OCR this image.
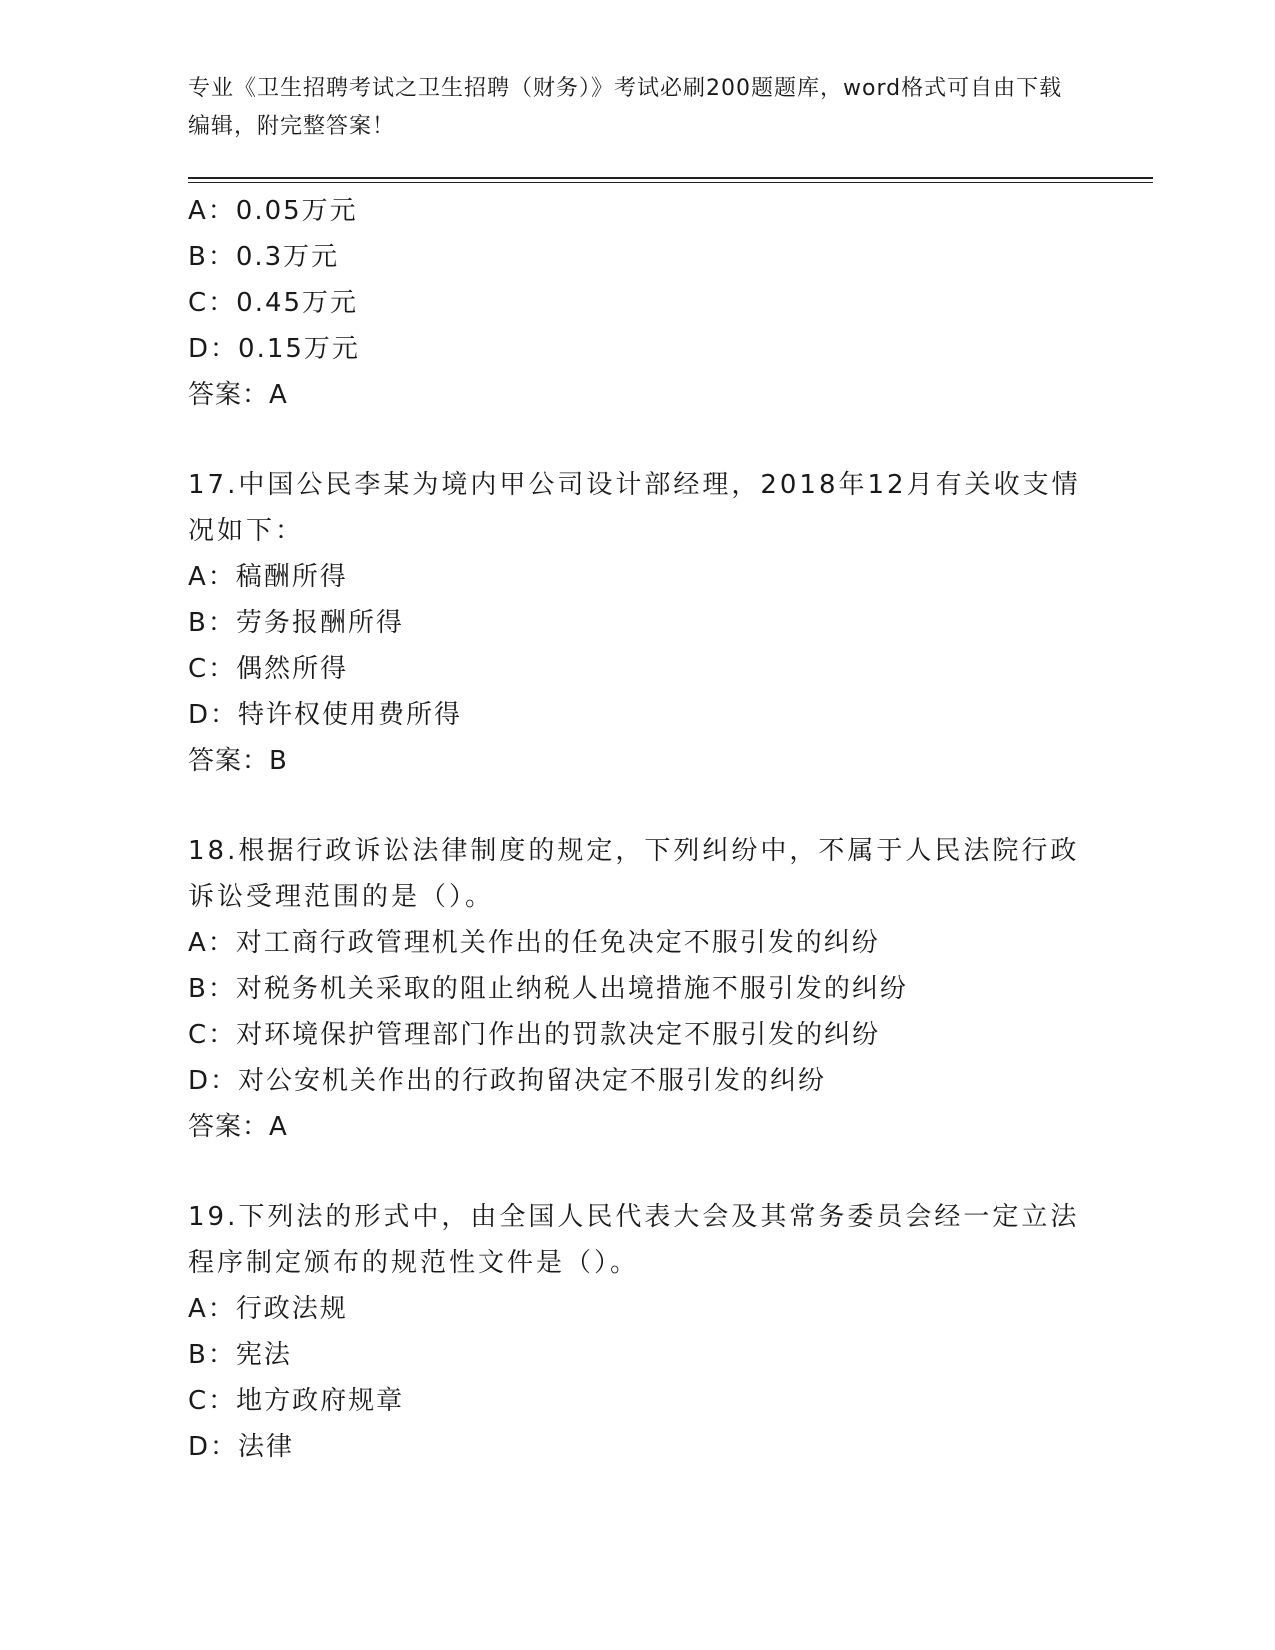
专业《卫生招聘考试之卫生招聘（财务）》考试必刷200题题库，word格式可自由下载编辑，附完整答案！
A：0.05万元
B：0.3万元
C：0.45万元
D：0.15万元
答案：A
17.中国公民李某为境内甲公司设计部经理，2018年12月有关收支情况如下：
A：稿酬所得
B：劳务报酬所得
C：偶然所得
D：特许权使用费所得
答案：B
18.根据行政诉讼法律制度的规定，下列纠纷中，不属于人民法院行政诉讼受理范围的是（）。
A：对工商行政管理机关作出的任免决定不服引发的纠纷
B：对税务机关采取的阻止纳税人出境措施不服引发的纠纷
C：对环境保护管理部门作出的罚款决定不服引发的纠纷
D：对公安机关作出的行政拘留决定不服引发的纠纷
答案：A
19.下列法的形式中，由全国人民代表大会及其常务委员会经一定立法程序制定颁布的规范性文件是（）。
A：行政法规
B：宪法
C：地方政府规章
D：法律
